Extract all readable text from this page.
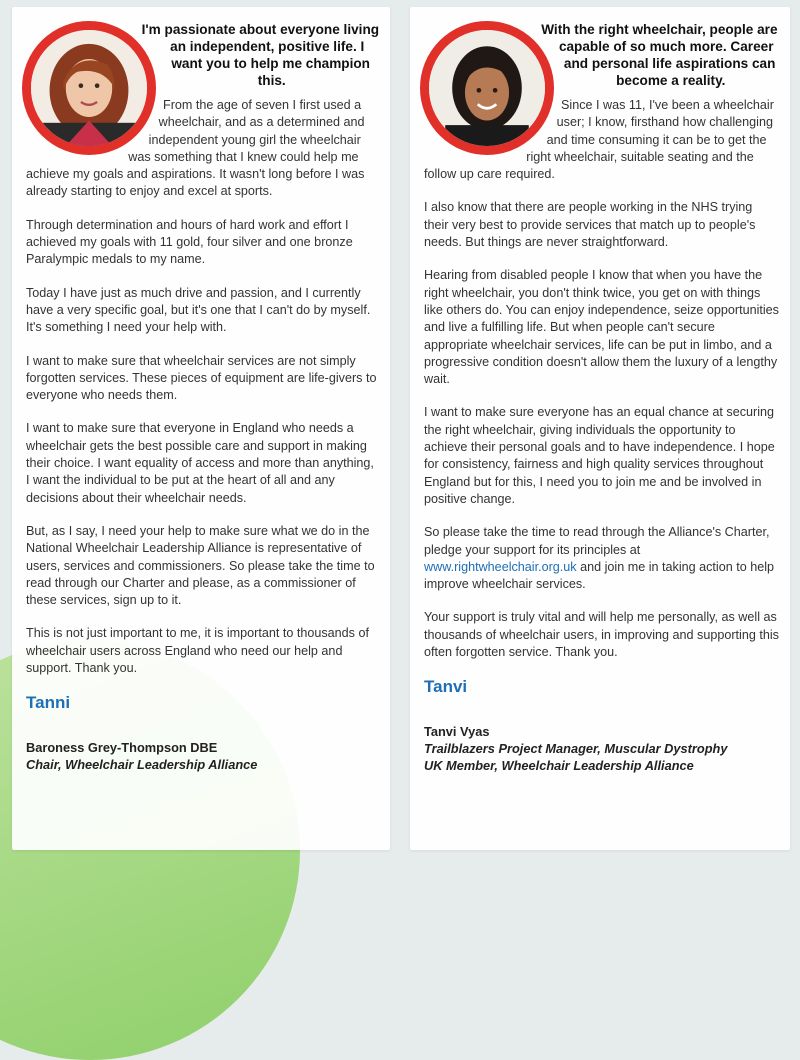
I'm passionate about everyone living an independent, positive life. I want you to help me champion this.

From the age of seven I first used a wheelchair, and as a determined and independent young girl the wheelchair was something that I knew could help me achieve my goals and aspirations. It wasn't long before I was already starting to enjoy and excel at sports.

Through determination and hours of hard work and effort I achieved my goals with 11 gold, four silver and one bronze Paralympic medals to my name.

Today I have just as much drive and passion, and I currently have a very specific goal, but it's one that I can't do by myself. It's something I need your help with.

I want to make sure that wheelchair services are not simply forgotten services. These pieces of equipment are life-givers to everyone who needs them.

I want to make sure that everyone in England who needs a wheelchair gets the best possible care and support in making their choice. I want equality of access and more than anything, I want the individual to be put at the heart of all and any decisions about their wheelchair needs.

But, as I say, I need your help to make sure what we do in the National Wheelchair Leadership Alliance is representative of users, services and commissioners. So please take the time to read through our Charter and please, as a commissioner of these services, sign up to it.

This is not just important to me, it is important to thousands of wheelchair users across England who need our help and support. Thank you.

Tanni
Baroness Grey-Thompson DBE
Chair, Wheelchair Leadership Alliance
With the right wheelchair, people are capable of so much more. Career and personal life aspirations can become a reality.

Since I was 11, I've been a wheelchair user; I know, firsthand how challenging and time consuming it can be to get the right wheelchair, suitable seating and the follow up care required.

I also know that there are people working in the NHS trying their very best to provide services that match up to people's needs. But things are never straightforward.

Hearing from disabled people I know that when you have the right wheelchair, you don't think twice, you get on with things like others do. You can enjoy independence, seize opportunities and live a fulfilling life. But when people can't secure appropriate wheelchair services, life can be put in limbo, and a progressive condition doesn't allow them the luxury of a lengthy wait.

I want to make sure everyone has an equal chance at securing the right wheelchair, giving individuals the opportunity to achieve their personal goals and to have independence. I hope for consistency, fairness and high quality services throughout England but for this, I need you to join me and be involved in positive change.

So please take the time to read through the Alliance's Charter, pledge your support for its principles at www.rightwheelchair.org.uk and join me in taking action to help improve wheelchair services.

Your support is truly vital and will help me personally, as well as thousands of wheelchair users, in improving and supporting this often forgotten service. Thank you.

Tanvi
Tanvi Vyas
Trailblazers Project Manager, Muscular Dystrophy
UK Member, Wheelchair Leadership Alliance
